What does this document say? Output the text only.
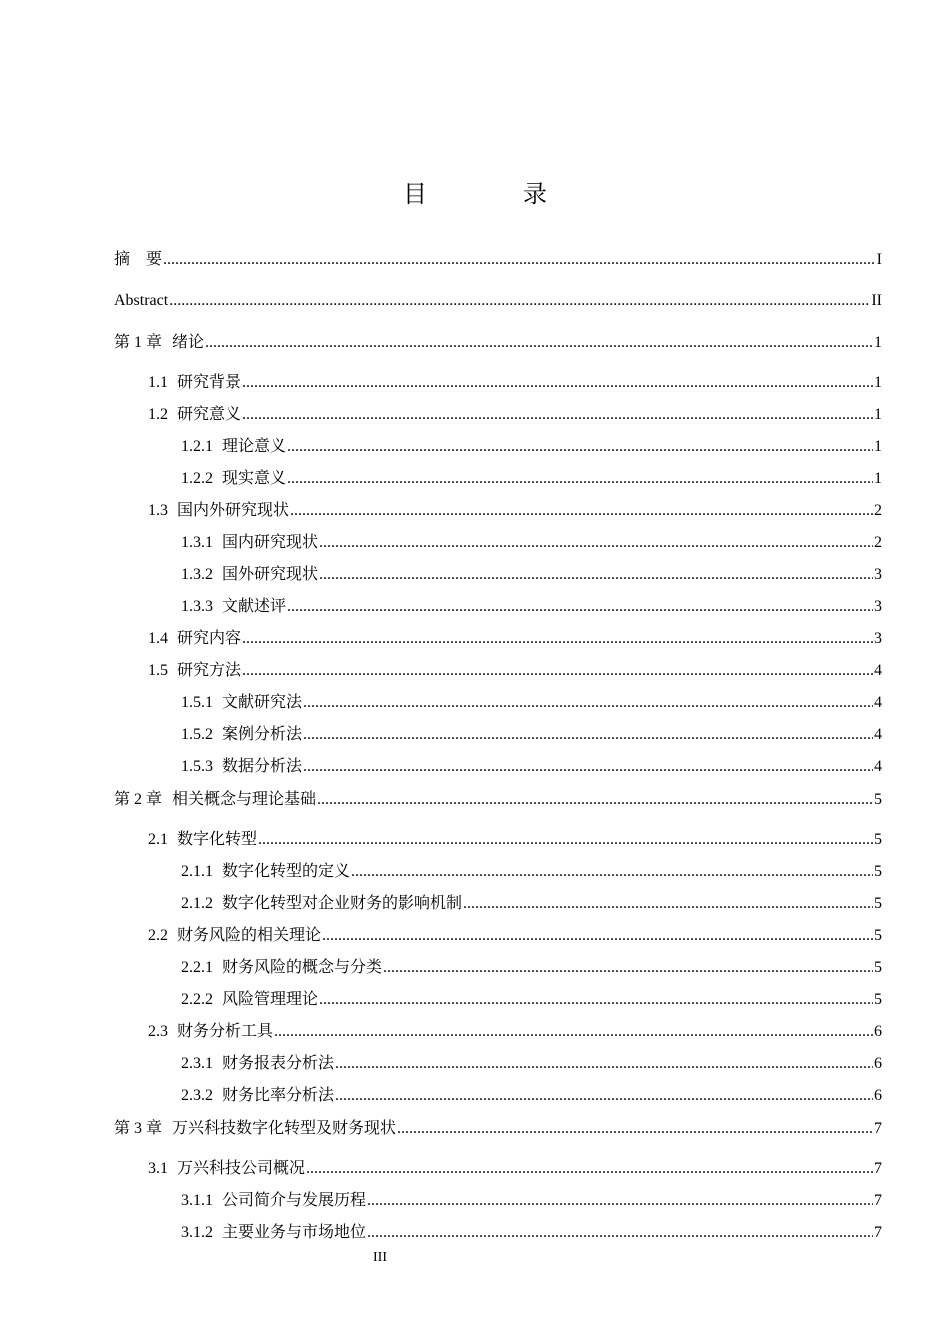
目　录
摘　要 .....	I
Abstract .....	II
第 1 章 绪论 .....	1
1.1 研究背景 .....	1
1.2 研究意义 .....	1
1.2.1 理论意义 .....	1
1.2.2 现实意义 .....	1
1.3 国内外研究现状 .....	2
1.3.1 国内研究现状 .....	2
1.3.2 国外研究现状 .....	3
1.3.3 文献述评 .....	3
1.4 研究内容 .....	3
1.5 研究方法 .....	4
1.5.1 文献研究法 .....	4
1.5.2 案例分析法 .....	4
1.5.3 数据分析法 .....	4
第 2 章 相关概念与理论基础 .....	5
2.1 数字化转型 .....	5
2.1.1 数字化转型的定义 .....	5
2.1.2 数字化转型对企业财务的影响机制 .....	5
2.2 财务风险的相关理论 .....	5
2.2.1 财务风险的概念与分类 .....	5
2.2.2 风险管理理论 .....	5
2.3 财务分析工具 .....	6
2.3.1 财务报表分析法 .....	6
2.3.2 财务比率分析法 .....	6
第 3 章 万兴科技数字化转型及财务现状 .....	7
3.1 万兴科技公司概况 .....	7
3.1.1 公司简介与发展历程 .....	7
3.1.2 主要业务与市场地位 .....	7
III
